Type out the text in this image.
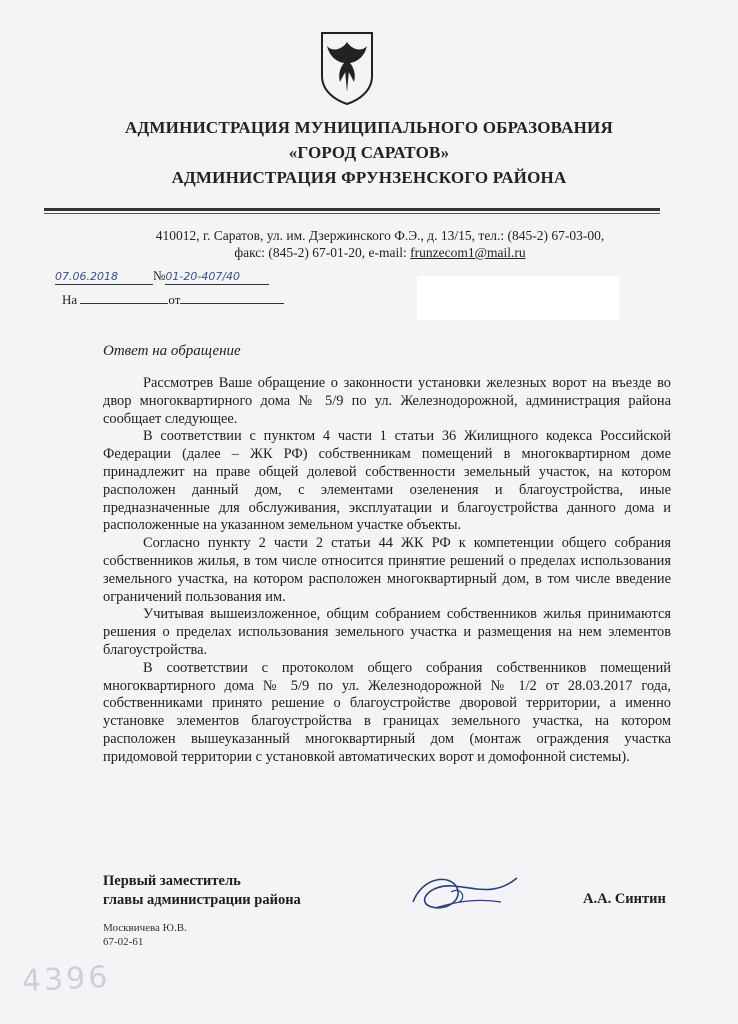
АДМИНИСТРАЦИЯ МУНИЦИПАЛЬНОГО ОБРАЗОВАНИЯ
«ГОРОД САРАТОВ»
АДМИНИСТРАЦИЯ ФРУНЗЕНСКОГО РАЙОНА
410012, г. Саратов, ул. им. Дзержинского Ф.Э., д. 13/15, тел.: (845-2) 67-03-00,
факс: (845-2) 67-01-20, e-mail: frunzecom1@mail.ru
07.06.2018	№01-20-407/40
На	от
Ответ на обращение

Рассмотрев Ваше обращение о законности установки железных ворот на въезде во двор многоквартирного дома № 5/9 по ул. Железнодорожной, администрация района сообщает следующее.

В соответствии с пунктом 4 части 1 статьи 36 Жилищного кодекса Российской Федерации (далее – ЖК РФ) собственникам помещений в многоквартирном доме принадлежит на праве общей долевой собственности земельный участок, на котором расположен данный дом, с элементами озеленения и благоустройства, иные предназначенные для обслуживания, эксплуатации и благоустройства данного дома и расположенные на указанном земельном участке объекты.

Согласно пункту 2 части 2 статьи 44 ЖК РФ к компетенции общего собрания собственников жилья, в том числе относится принятие решений о пределах использования земельного участка, на котором расположен многоквартирный дом, в том числе введение ограничений пользования им.

Учитывая вышеизложенное, общим собранием собственников жилья принимаются решения о пределах использования земельного участка и размещения на нем элементов благоустройства.

В соответствии с протоколом общего собрания собственников помещений многоквартирного дома № 5/9 по ул. Железнодорожной № 1/2 от 28.03.2017 года, собственниками принято решение о благоустройстве дворовой территории, а именно установке элементов благоустройства в границах земельного участка, на котором расположен вышеуказанный многоквартирный дом (монтаж ограждения участка придомовой территории с установкой автоматических ворот и домофонной системы).

Первый заместитель
главы администрации района	А.А. Синтин
Москвичева Ю.В.
67-02-61
4396
